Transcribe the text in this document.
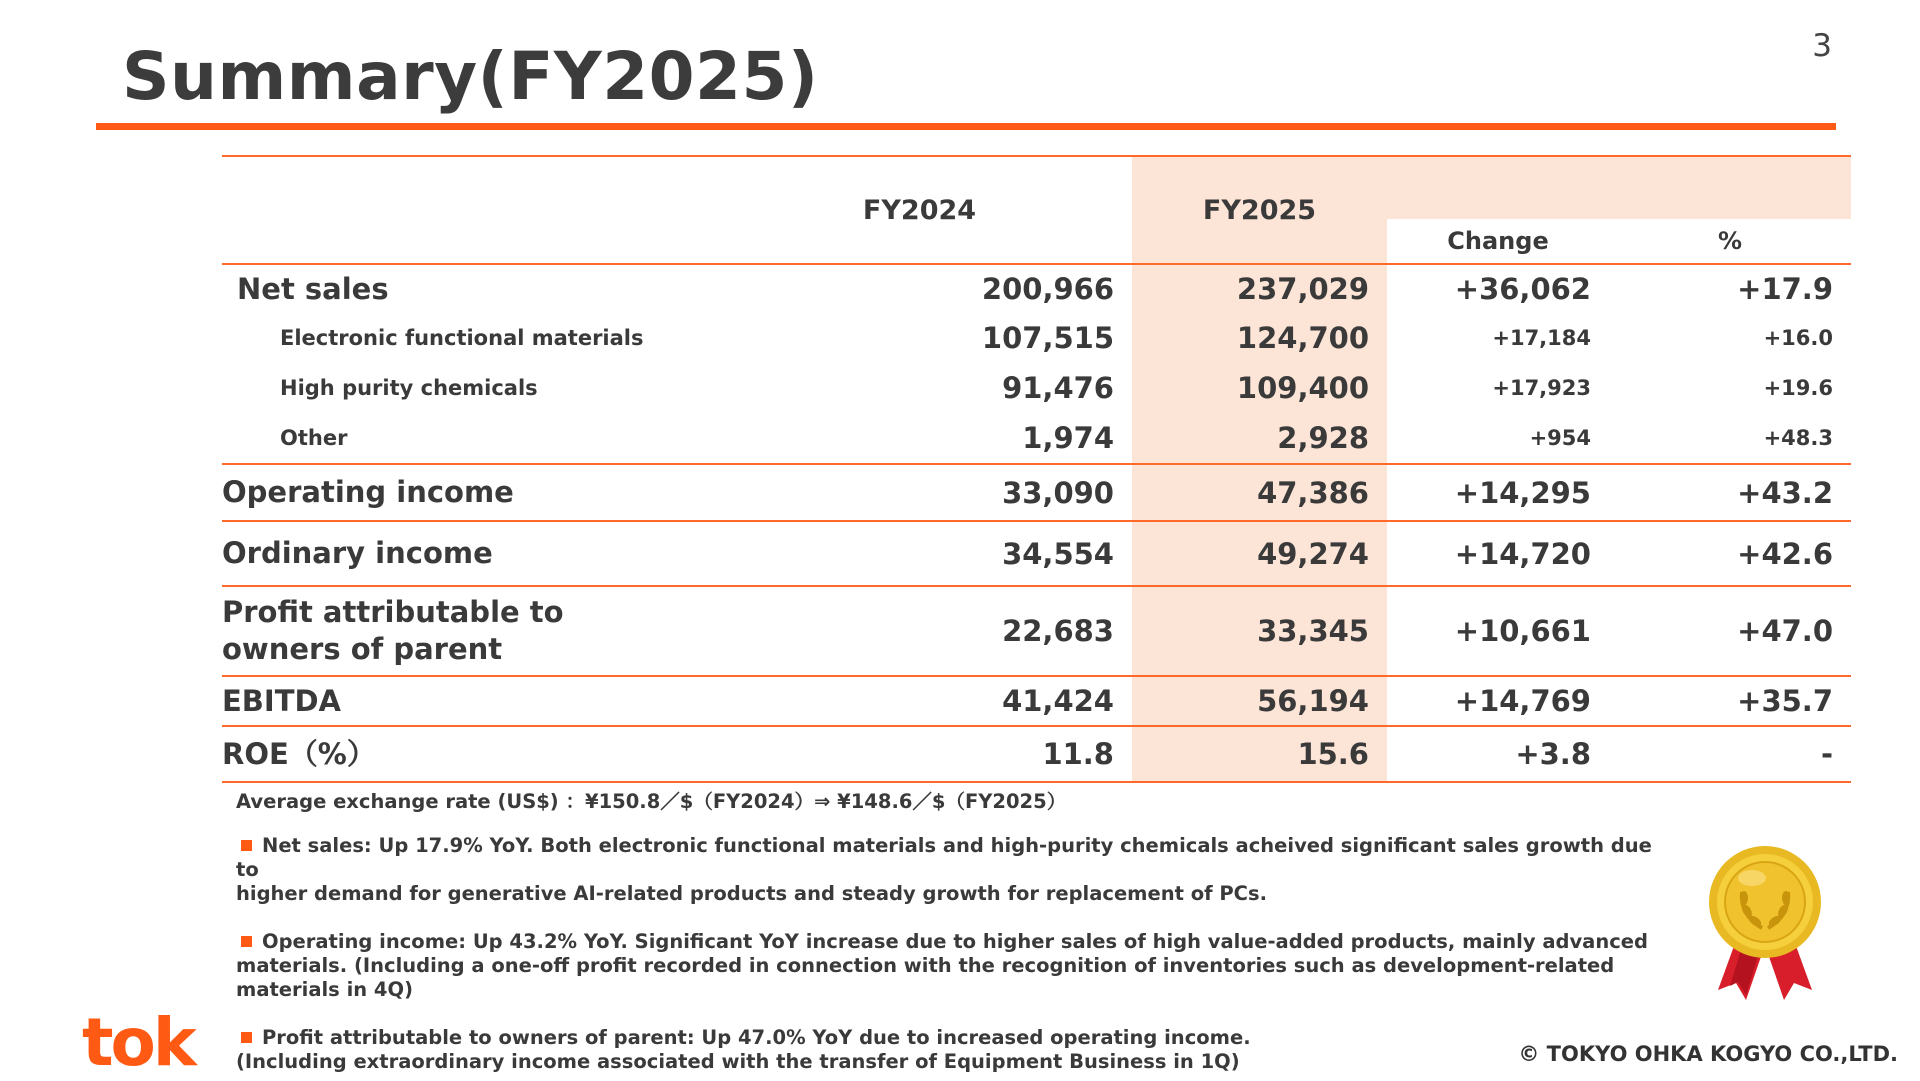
3
Summary(FY2025)
	FY2024	FY2025		
			Change	%
Net sales	200,966	237,029	+36,062	+17.9
Electronic functional materials	107,515	124,700	+17,184	+16.0
High purity chemicals	91,476	109,400	+17,923	+19.6
Other	1,974	2,928	+954	+48.3
Operating income	33,090	47,386	+14,295	+43.2
Ordinary income	34,554	49,274	+14,720	+42.6

Profit attributable to
owners of parent	22,683	33,345	+10,661	+47.0
EBITDA	41,424	56,194	+14,769	+35.7
ROE（%）	11.8	15.6	+3.8	-

Average exchange rate (US$) ：¥150.8／$（FY2024）⇒ ¥148.6／$（FY2025）

Net sales: Up 17.9% YoY. Both electronic functional materials and high-purity chemicals acheived significant sales growth due to

higher demand for generative AI-related products and steady growth for replacement of PCs.

Operating income: Up 43.2% YoY. Significant YoY increase due to higher sales of high value-added products, mainly advanced

materials. (Including a one-off profit recorded in connection with the recognition of inventories such as development-related

materials in 4Q)

Profit attributable to owners of parent: Up 47.0% YoY due to increased operating income.

(Including extraordinary income associated with the transfer of Equipment Business in 1Q)

tok	© TOKYO OHKA KOGYO CO.,LTD.
